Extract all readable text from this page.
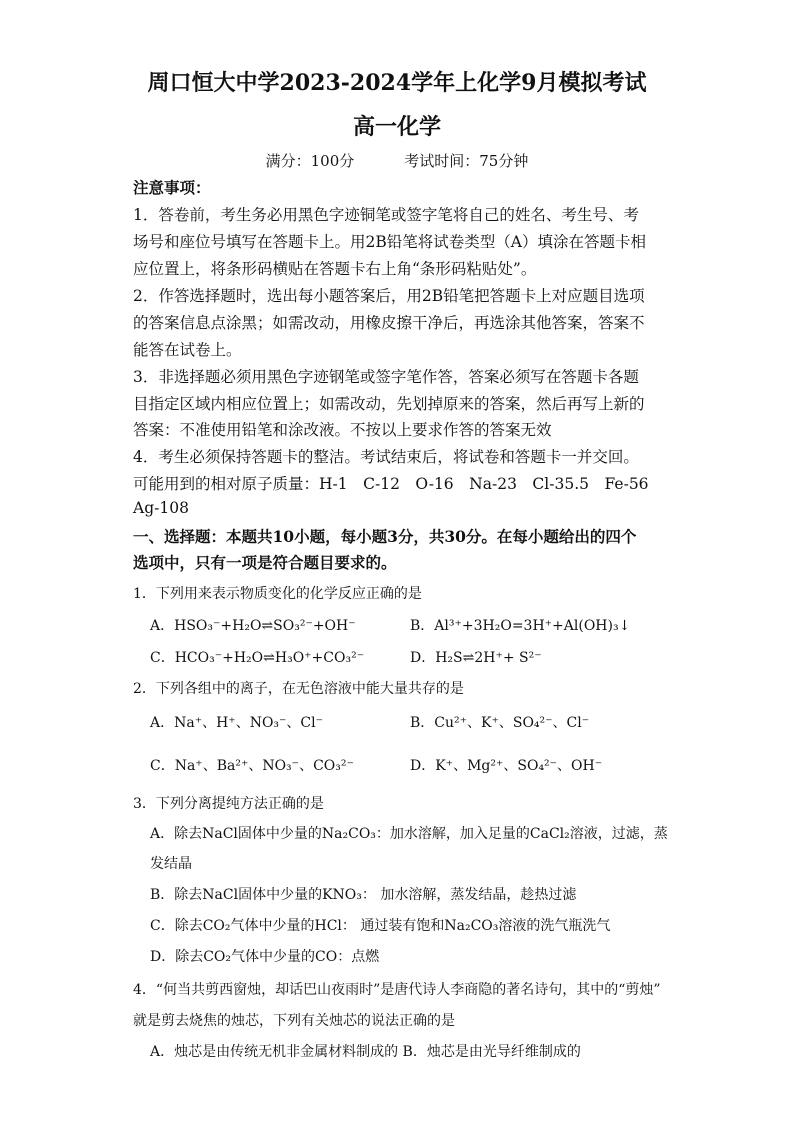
周口恒大中学2023-2024学年上化学9月模拟考试
高一化学
满分：100分	考试时间：75分钟
注意事项：
1．答卷前，考生务必用黑色字迹铜笔或签字笔将自己的姓名、考生号、考
场号和座位号填写在答题卡上。用2B铅笔将试卷类型（A）填涂在答题卡相
应位置上，将条形码横贴在答题卡右上角“条形码粘贴处”。
2．作答选择题时，选出每小题答案后，用2B铅笔把答题卡上对应题目选项
的答案信息点涂黑；如需改动，用橡皮擦干净后，再选涂其他答案，答案不
能答在试卷上。
3．非选择题必须用黑色字迹钢笔或签字笔作答，答案必须写在答题卡各题
目指定区域内相应位置上；如需改动，先划掉原来的答案，然后再写上新的
答案：不准使用铅笔和涂改液。不按以上要求作答的答案无效
4．考生必须保持答题卡的整洁。考试结束后，将试卷和答题卡一并交回。
可能用到的相对原子质量：H-1　C-12　O-16　Na-23　Cl-35.5　Fe-56
Ag-108
一、选择题：本题共10小题，每小题3分，共30分。在每小题给出的四个
选项中，只有一项是符合题目要求的。
1．下列用来表示物质变化的化学反应正确的是
A．HSO₃⁻+H₂O⇌SO₃²⁻+OH⁻	B．Al³⁺+3H₂O=3H⁺+Al(OH)₃↓
C．HCO₃⁻+H₂O⇌H₃O⁺+CO₃²⁻	D．H₂S⇌2H⁺+ S²⁻
2．下列各组中的离子，在无色溶液中能大量共存的是
A．Na⁺、H⁺、NO₃⁻、Cl⁻	B．Cu²⁺、K⁺、SO₄²⁻、Cl⁻
C．Na⁺、Ba²⁺、NO₃⁻、CO₃²⁻	D．K⁺、Mg²⁺、SO₄²⁻、OH⁻
3．下列分离提纯方法正确的是
A．除去NaCl固体中少量的Na₂CO₃：加水溶解，加入足量的CaCl₂溶液，过滤，蒸
发结晶
B．除去NaCl固体中少量的KNO₃： 加水溶解，蒸发结晶，趁热过滤
C．除去CO₂气体中少量的HCl： 通过装有饱和Na₂CO₃溶液的洗气瓶洗气
D．除去CO₂气体中少量的CO：点燃
4．“何当共剪西窗烛，却话巴山夜雨时”是唐代诗人李商隐的著名诗句，其中的“剪烛”
就是剪去烧焦的烛芯，下列有关烛芯的说法正确的是
A．烛芯是由传统无机非金属材料制成的 B．烛芯是由光导纤维制成的
